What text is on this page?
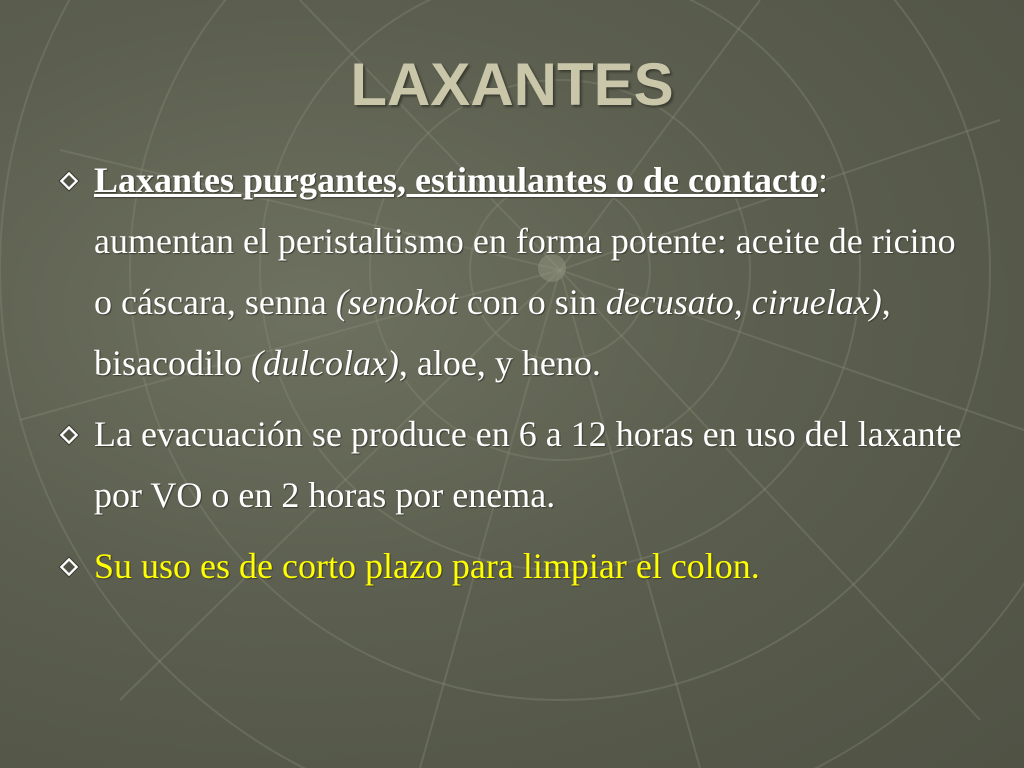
LAXANTES
Laxantes purgantes, estimulantes o de contacto: aumentan el peristaltismo en forma potente: aceite de ricino o cáscara, senna (senokot con o sin decusato, ciruelax), bisacodilo (dulcolax), aloe, y heno.
La evacuación se produce en 6 a 12 horas en uso del laxante por VO o en 2 horas por enema.
Su uso es de corto plazo para limpiar el colon.
